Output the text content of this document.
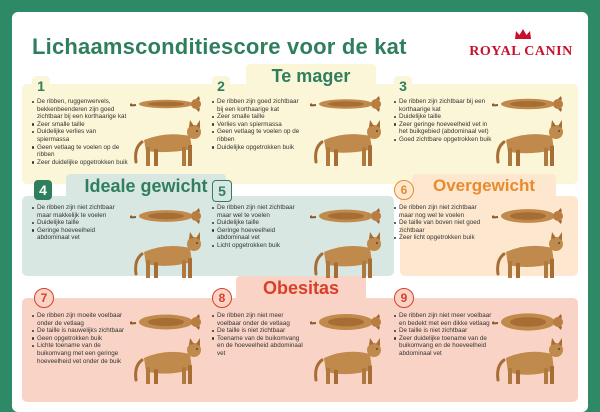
Lichaamsconditiescore voor de kat	ROYAL CANIN
Te mager
Ideale gewicht	Overgewicht
Obesitas
1	2	3
4	5	6
7	8	9
De ribben, ruggenwervels, bekkenbeenderen zijn goed zichtbaar bij een korthaarige kat
Zeer smalle taille
Duidelijke verlies van spiermassa
Geen vetlaag te voelen op de ribben
Zeer duidelijke opgetrokken buik
De ribben zijn goed zichtbaar bij een korthaarige kat
Zeer smalle taille
Verlies van spiermassa
Geen vetlaag te voelen op de ribben
Duidelijke opgetrokken buik
De ribben zijn zichtbaar bij een korthaarige kat
Duidelijke taille
Zeer geringe hoeveelheid vet in het buikgebied (abdominaal vet)
Goed zichtbare opgetrokken buik
De ribben zijn niet zichtbaar maar makkelijk te voelen
Duidelijke taille
Geringe hoeveelheid abdominaal vet
De ribben zijn niet zichtbaar maar wel te voelen
Duidelijke taille
Geringe hoeveelheid abdominaal vet
Licht opgetrokken buik
De ribben zijn niet zichtbaar maar nog wel te voelen
De taille van boven niet goed zichtbaar
Zeer licht opgetrokken buik
De ribben zijn moeite voelbaar onder de vetlaag
De taille is nauwelijks zichtbaar
Geen opgetrokken buik
Lichte toename van de buikomvang met een geringe hoeveelheid vet onder de buik
De ribben zijn niet meer voelbaar onder de vetlaag
De taille is niet zichtbaar
Toename van de buikomvang en de hoeveelheid abdominaal vet
De ribben zijn niet meer voelbaar en bedekt met een dikke vetlaag
De taille is niet zichtbaar
Zeer duidelijke toename van de buikomvang en de hoeveelheid abdominaal vet
